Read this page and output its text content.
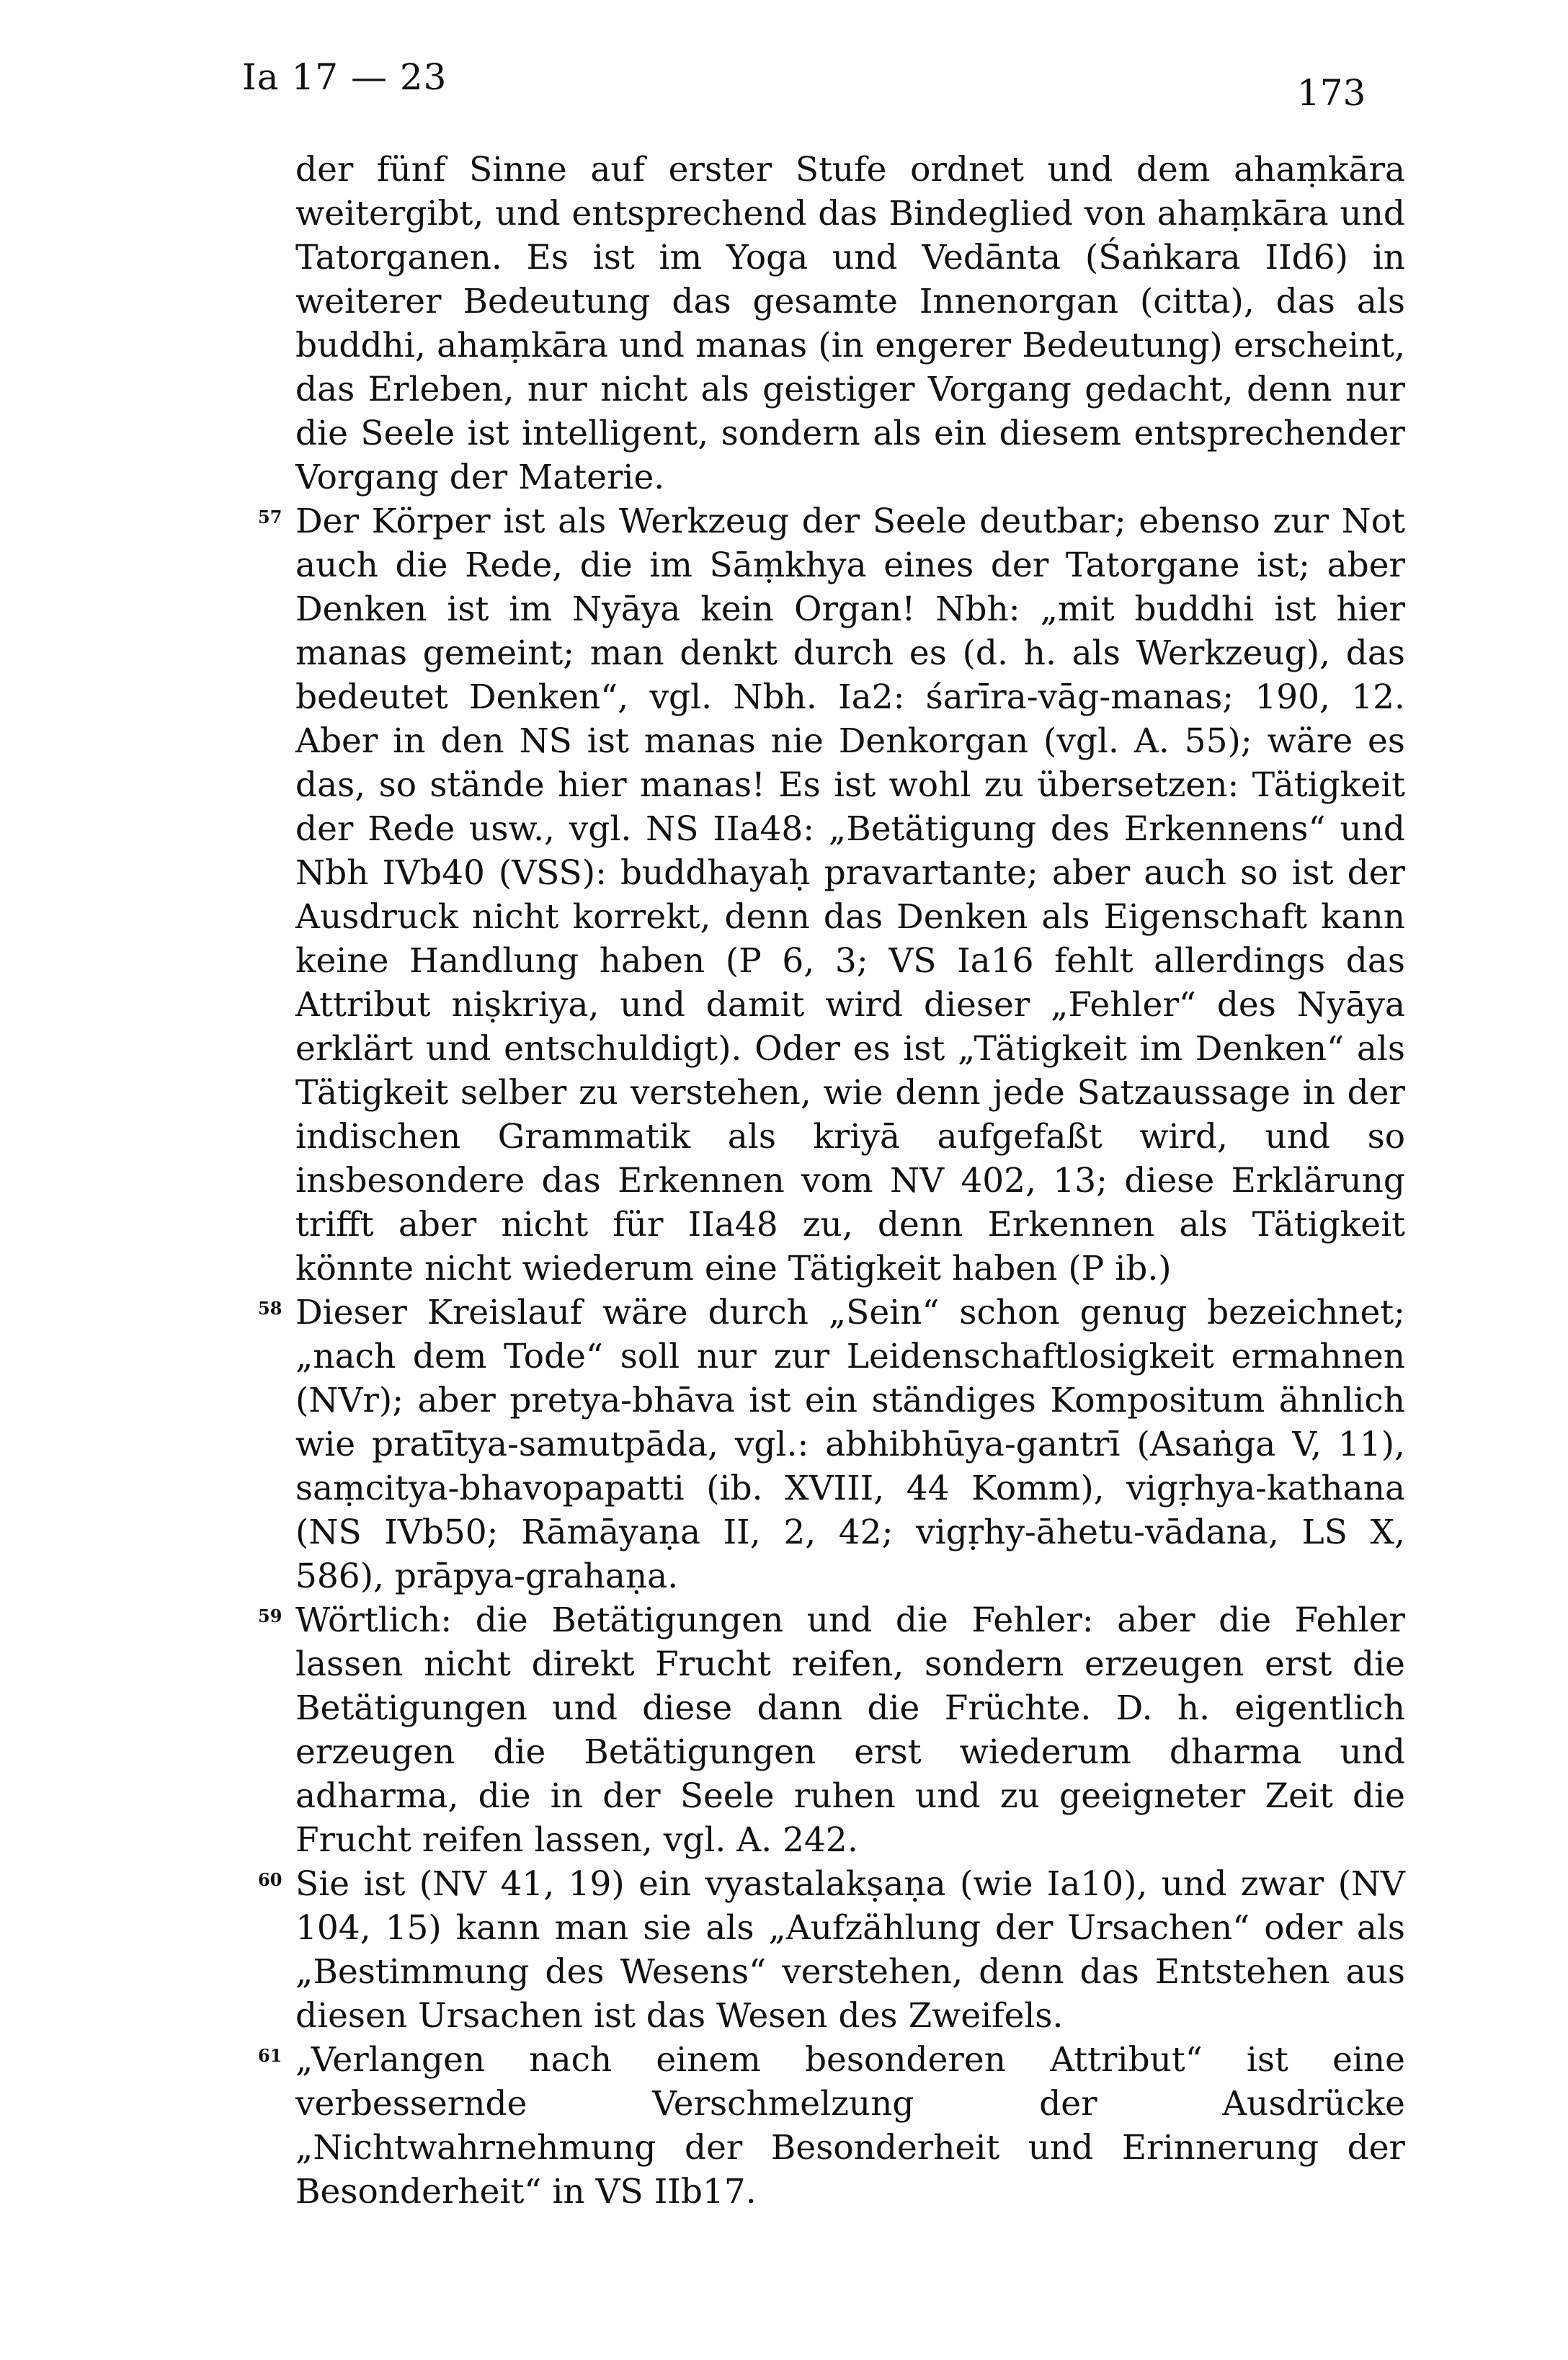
Ia 17 — 23	173

der fünf Sinne auf erster Stufe ordnet und dem ahaṃkāra weitergibt, und entsprechend das Bindeglied von ahaṃkāra und Tatorganen. Es ist im Yoga und Vedānta (Śaṅkara IId6) in weiterer Bedeutung das gesamte Innenorgan (citta), das als buddhi, ahaṃkāra und manas (in engerer Bedeutung) erscheint, das Erleben, nur nicht als geistiger Vorgang gedacht, denn nur die Seele ist intelligent, sondern als ein diesem entsprechender Vorgang der Materie.

57 Der Körper ist als Werkzeug der Seele deutbar; ebenso zur Not auch die Rede, die im Sāṃkhya eines der Tatorgane ist; aber Denken ist im Nyāya kein Organ! Nbh: „mit buddhi ist hier manas gemeint; man denkt durch es (d. h. als Werkzeug), das bedeutet Denken“, vgl. Nbh. Ia2: śarīra-vāg-manas; 190, 12. Aber in den NS ist manas nie Denkorgan (vgl. A. 55); wäre es das, so stände hier manas! Es ist wohl zu übersetzen: Tätigkeit der Rede usw., vgl. NS IIa48: „Betätigung des Erkennens“ und Nbh IVb40 (VSS): buddhayaḥ pravartante; aber auch so ist der Ausdruck nicht korrekt, denn das Denken als Eigenschaft kann keine Handlung haben (P 6, 3; VS Ia16 fehlt allerdings das Attribut niṣkriya, und damit wird dieser „Fehler“ des Nyāya erklärt und entschuldigt). Oder es ist „Tätigkeit im Denken“ als Tätigkeit selber zu verstehen, wie denn jede Satzaussage in der indischen Grammatik als kriyā aufgefaßt wird, und so insbesondere das Erkennen vom NV 402, 13; diese Erklärung trifft aber nicht für IIa48 zu, denn Erkennen als Tätigkeit könnte nicht wiederum eine Tätigkeit haben (P ib.)

58 Dieser Kreislauf wäre durch „Sein“ schon genug bezeichnet; „nach dem Tode“ soll nur zur Leidenschaftlosigkeit ermahnen (NVr); aber pretya-bhāva ist ein ständiges Kompositum ähnlich wie pratītya-samutpāda, vgl.: abhibhūya-gantrī (Asaṅga V, 11), saṃcitya-bhavopapatti (ib. XVIII, 44 Komm), vigṛhya-kathana (NS IVb50; Rāmāyaṇa II, 2, 42; vigṛhy-āhetu-vādana, LS X, 586), prāpya-grahaṇa.

59 Wörtlich: die Betätigungen und die Fehler: aber die Fehler lassen nicht direkt Frucht reifen, sondern erzeugen erst die Betätigungen und diese dann die Früchte. D. h. eigentlich erzeugen die Betätigungen erst wiederum dharma und adharma, die in der Seele ruhen und zu geeigneter Zeit die Frucht reifen lassen, vgl. A. 242.

60 Sie ist (NV 41, 19) ein vyastalakṣaṇa (wie Ia10), und zwar (NV 104, 15) kann man sie als „Aufzählung der Ursachen“ oder als „Bestimmung des Wesens“ verstehen, denn das Entstehen aus diesen Ursachen ist das Wesen des Zweifels.

61 „Verlangen nach einem besonderen Attribut“ ist eine verbessernde Verschmelzung der Ausdrücke „Nichtwahrnehmung der Besonderheit und Erinnerung der Besonderheit“ in VS IIb17.
